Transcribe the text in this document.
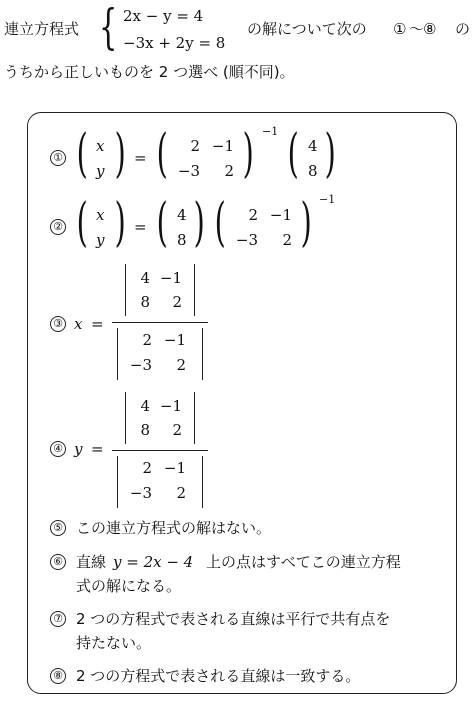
連立方程式 { 2x − y = 4
−3x + 2y = 8
の解について次の ① 〜
⑧ の
うちから正しいものを 2 つ選べ (順不同)。
① ( x
y ) = (	2 −1
−3 2 ) −1 ( 4
8 )
② ( x
y ) = ( 4
8 ) (	2 −1
−3 2 ) −1
③ x =
4 −1
8 2
2 −1
−3 2
④ y =
4 −1
8 2
2 −1
−3 2
⑤ この連立方程式の解はない。
⑥ 直線 y = 2x − 4 上の点はすべてこの連立方程
式の解になる。
⑦ 2 つの方程式で表される直線は平行で共有点を
持たない。
⑧ 2 つの方程式で表される直線は一致する。
